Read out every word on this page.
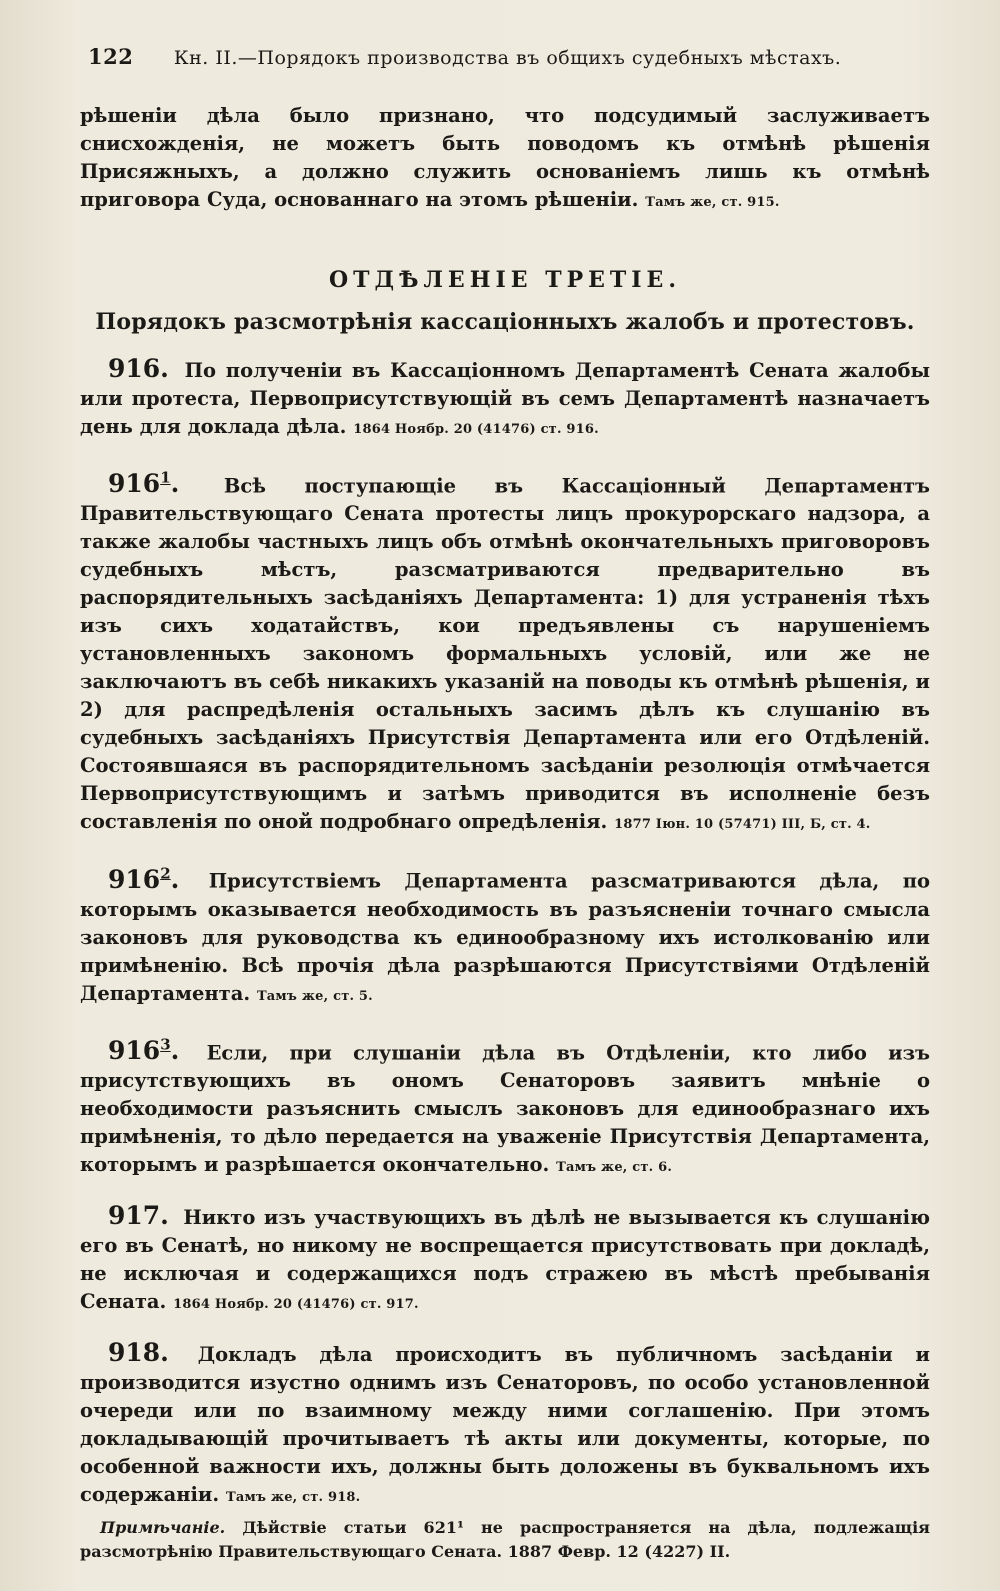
122 Кн. II.—Порядокъ производства въ общихъ судебныхъ мѣстахъ.

рѣшеніи дѣла было признано, что подсудимый заслуживаетъ снисхожденія, не можетъ быть поводомъ къ отмѣнѣ рѣшенія Присяжныхъ, а должно служить основаніемъ лишь къ отмѣнѣ приговора Суда, основаннаго на этомъ рѣшеніи. Тамъ же, ст. 915.

ОТДѢЛЕНІЕ ТРЕТІЕ.
Порядокъ разсмотрѣнія кассаціонныхъ жалобъ и протестовъ.

916. По полученіи въ Кассаціонномъ Департаментѣ Сената жалобы или протеста, Первоприсутствующій въ семъ Департаментѣ назначаетъ день для доклада дѣла. 1864 Ноябр. 20 (41476) ст. 916.

$916^1$. Всѣ поступающіе въ Кассаціонный Департаментъ Правительствующаго Сената протесты лицъ прокурорскаго надзора, а также жалобы частныхъ лицъ объ отмѣнѣ окончательныхъ приговоровъ судебныхъ мѣстъ, разсматриваются предварительно въ распорядительныхъ засѣданіяхъ Департамента: 1) для устраненія тѣхъ изъ сихъ ходатайствъ, кои предъявлены съ нарушеніемъ установленныхъ закономъ формальныхъ условій, или же не заключаютъ въ себѣ никакихъ указаній на поводы къ отмѣнѣ рѣшенія, и 2) для распредѣленія остальныхъ засимъ дѣлъ къ слушанію въ судебныхъ засѣданіяхъ Присутствія Департамента или его Отдѣленій. Состоявшаяся въ распорядительномъ засѣданіи резолюція отмѣчается Первоприсутствующимъ и затѣмъ приводится въ исполненіе безъ составленія по оной подробнаго опредѣленія. 1877 Іюн. 10 (57471) III, Б, ст. 4.

$916^2$. Присутствіемъ Департамента разсматриваются дѣла, по которымъ оказывается необходимость въ разъясненіи точнаго смысла законовъ для руководства къ единообразному ихъ истолкованію или примѣненію. Всѣ прочія дѣла разрѣшаются Присутствіями Отдѣленій Департамента. Тамъ же, ст. 5.

$916^3$. Если, при слушаніи дѣла въ Отдѣленіи, кто либо изъ присутствующихъ въ ономъ Сенаторовъ заявитъ мнѣніе о необходимости разъяснить смыслъ законовъ для единообразнаго ихъ примѣненія, то дѣло передается на уваженіе Присутствія Департамента, которымъ и разрѣшается окончательно. Тамъ же, ст. 6.

917. Никто изъ участвующихъ въ дѣлѣ не вызывается къ слушанію его въ Сенатѣ, но никому не воспрещается присутствовать при докладѣ, не исключая и содержащихся подъ стражею въ мѣстѣ пребыванія Сената. 1864 Ноябр. 20 (41476) ст. 917.

918. Докладъ дѣла происходитъ въ публичномъ засѣданіи и производится изустно однимъ изъ Сенаторовъ, по особо установленной очереди или по взаимному между ними соглашенію. При этомъ докладывающій прочитываетъ тѣ акты или документы, которые, по особенной важности ихъ, должны быть доложены въ буквальномъ ихъ содержаніи. Тамъ же, ст. 918.

Примѣчаніе. Дѣйствіе статьи 621¹ не распространяется на дѣла, подлежащія разсмотрѣнію Правительствующаго Сената. 1887 Февр. 12 (4227) II.
